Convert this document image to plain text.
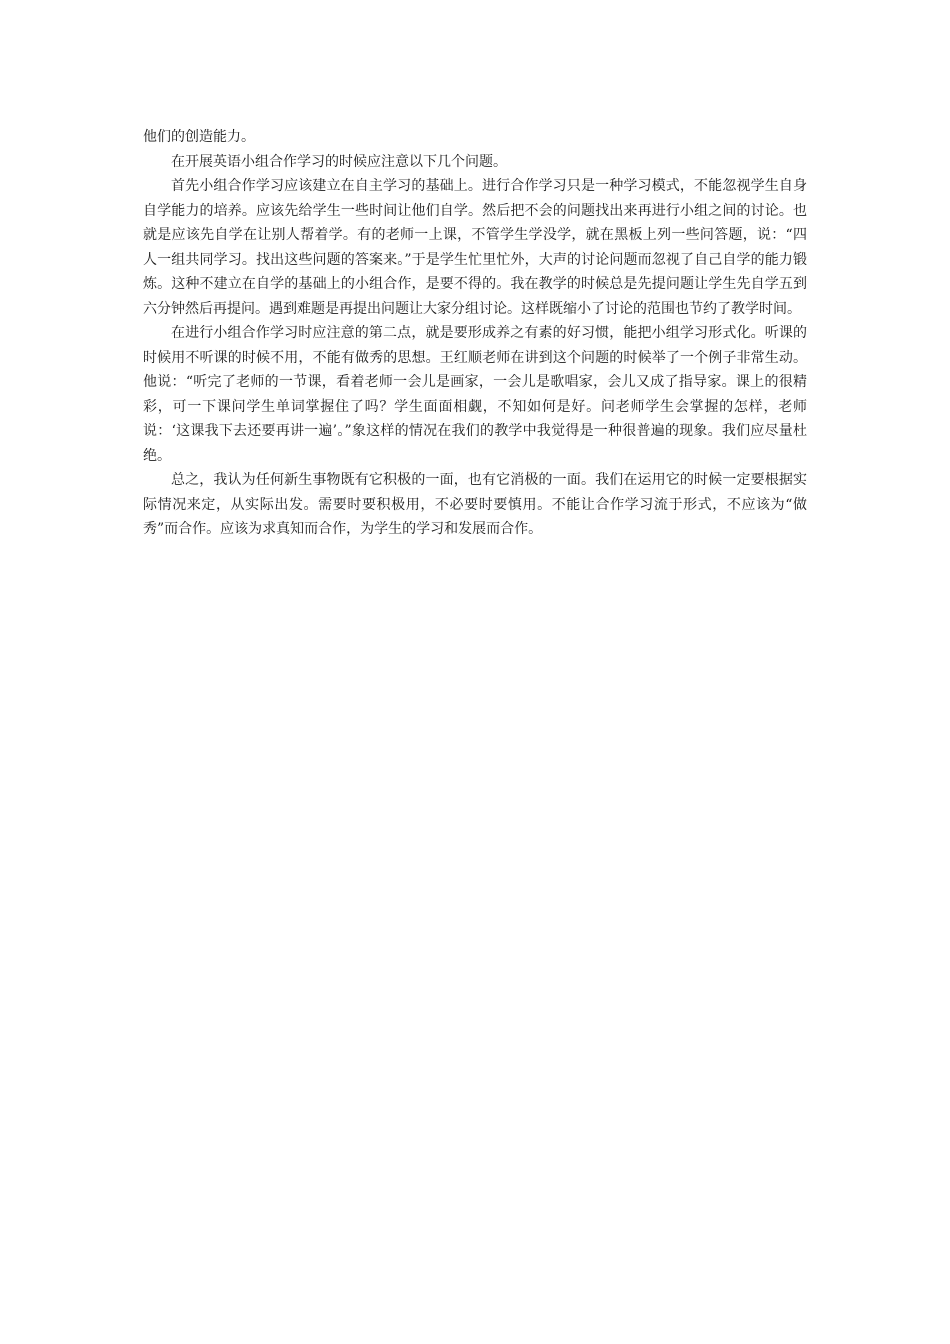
他们的创造能力。

在开展英语小组合作学习的时候应注意以下几个问题。

首先小组合作学习应该建立在自主学习的基础上。进行合作学习只是一种学习模式，不能忽视学生自身自学能力的培养。应该先给学生一些时间让他们自学。然后把不会的问题找出来再进行小组之间的讨论。也就是应该先自学在让别人帮着学。有的老师一上课，不管学生学没学，就在黑板上列一些问答题，说：“四人一组共同学习。找出这些问题的答案来。”于是学生忙里忙外，大声的讨论问题而忽视了自己自学的能力锻炼。这种不建立在自学的基础上的小组合作，是要不得的。我在教学的时候总是先提问题让学生先自学五到六分钟然后再提问。遇到难题是再提出问题让大家分组讨论。这样既缩小了讨论的范围也节约了教学时间。

在进行小组合作学习时应注意的第二点，就是要形成养之有素的好习惯，能把小组学习形式化。听课的时候用不听课的时候不用，不能有做秀的思想。王红顺老师在讲到这个问题的时候举了一个例子非常生动。他说：“听完了老师的一节课，看着老师一会儿是画家，一会儿是歌唱家，会儿又成了指导家。课上的很精彩，可一下课问学生单词掌握住了吗？学生面面相觑，不知如何是好。问老师学生会掌握的怎样，老师说：‘这课我下去还要再讲一遍’。”象这样的情况在我们的教学中我觉得是一种很普遍的现象。我们应尽量杜绝。

总之，我认为任何新生事物既有它积极的一面，也有它消极的一面。我们在运用它的时候一定要根据实际情况来定，从实际出发。需要时要积极用，不必要时要慎用。不能让合作学习流于形式，不应该为“做秀”而合作。应该为求真知而合作，为学生的学习和发展而合作。
